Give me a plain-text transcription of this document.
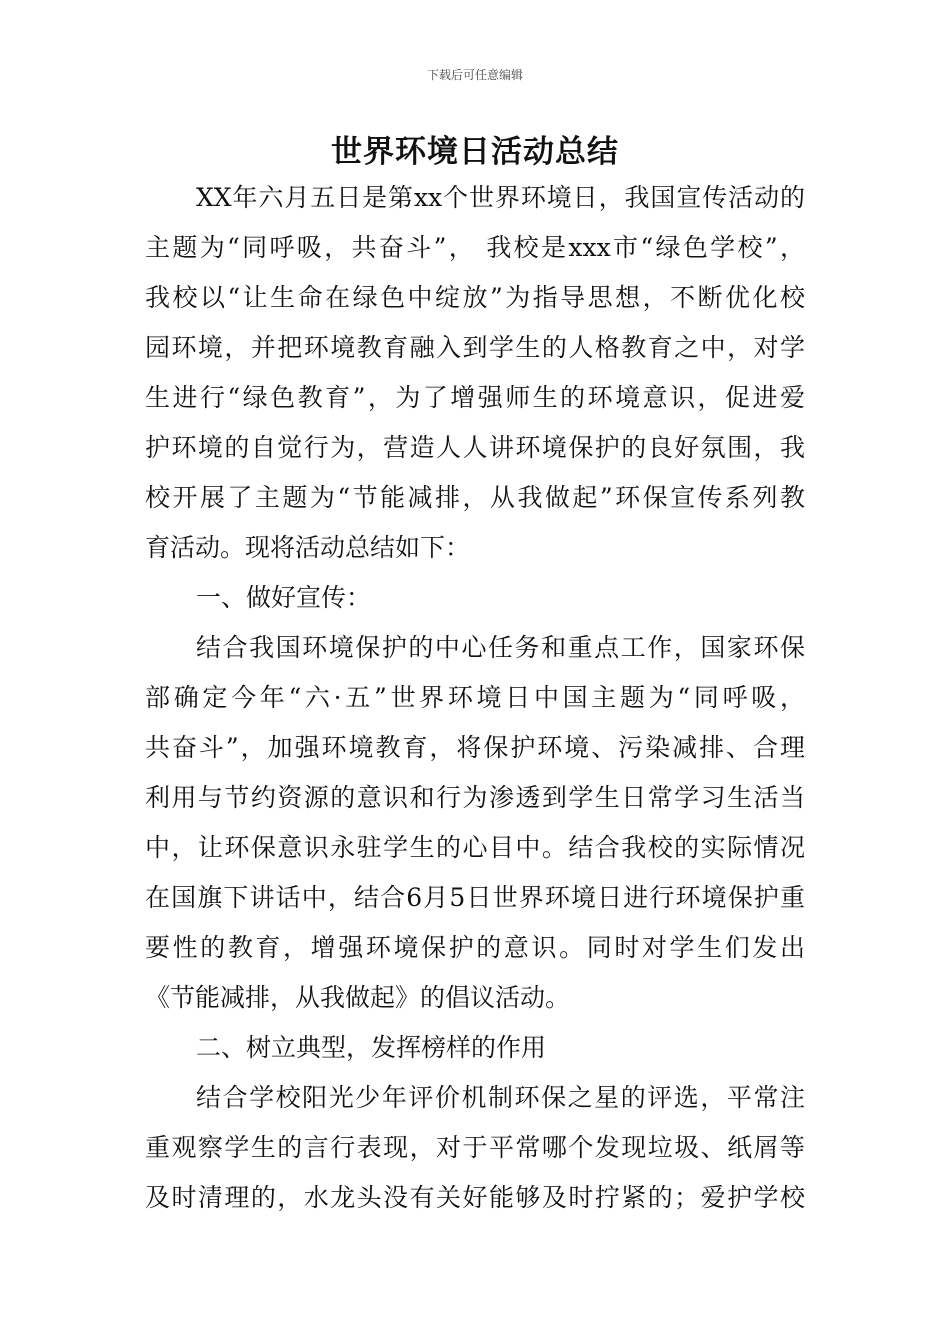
下载后可任意编辑
世界环境日活动总结
XX年六月五日是第xx个世界环境日，我国宣传活动的
主题为“同呼吸，共奋斗”， 我校是xxx市“绿色学校”，
我校以“让生命在绿色中绽放”为指导思想，不断优化校
园环境，并把环境教育融入到学生的人格教育之中，对学
生进行“绿色教育”，为了增强师生的环境意识，促进爱
护环境的自觉行为，营造人人讲环境保护的良好氛围，我
校开展了主题为“节能减排，从我做起”环保宣传系列教
育活动。现将活动总结如下：
一、做好宣传：
结合我国环境保护的中心任务和重点工作，国家环保
部确定今年“六·五”世界环境日中国主题为“同呼吸，
共奋斗”，加强环境教育，将保护环境、污染减排、合理
利用与节约资源的意识和行为渗透到学生日常学习生活当
中，让环保意识永驻学生的心目中。结合我校的实际情况
在国旗下讲话中，结合6月5日世界环境日进行环境保护重
要性的教育，增强环境保护的意识。同时对学生们发出
《节能减排，从我做起》的倡议活动。
二、树立典型，发挥榜样的作用
结合学校阳光少年评价机制环保之星的评选，平常注
重观察学生的言行表现，对于平常哪个发现垃圾、纸屑等
及时清理的，水龙头没有关好能够及时拧紧的；爱护学校
